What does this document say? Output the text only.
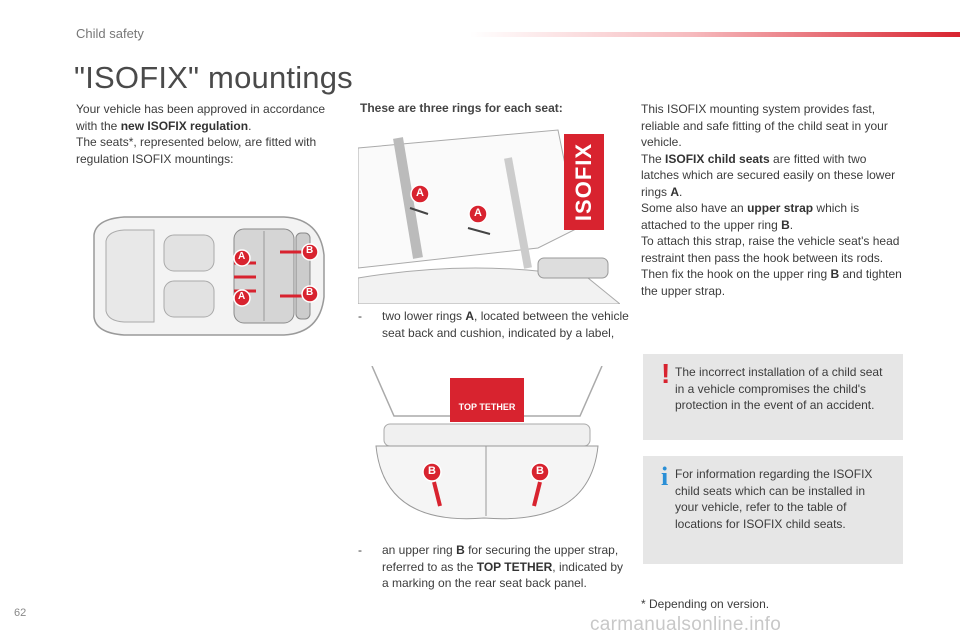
Child safety
"ISOFIX" mountings
Your vehicle has been approved in accordance with the new ISOFIX regulation.
The seats*, represented below, are fitted with regulation ISOFIX mountings:
A
A
B
B
These are three rings for each seat:
A
A	ISOFIX
- two lower rings A, located between the vehicle seat back and cushion, indicated by a label,
B	B
TOP TETHER
- an upper ring B for securing the upper strap, referred to as the TOP TETHER, indicated by a marking on the rear seat back panel.
This ISOFIX mounting system provides fast, reliable and safe fitting of the child seat in your vehicle.
The ISOFIX child seats are fitted with two latches which are secured easily on these lower rings A.
Some also have an upper strap which is attached to the upper ring B.
To attach this strap, raise the vehicle seat's head restraint then pass the hook between its rods. Then fix the hook on the upper ring B and tighten the upper strap.
! The incorrect installation of a child seat in a vehicle compromises the child's protection in the event of an accident.
i For information regarding the ISOFIX child seats which can be installed in your vehicle, refer to the table of locations for ISOFIX child seats.
* Depending on version.
62
carmanualsonline.info
